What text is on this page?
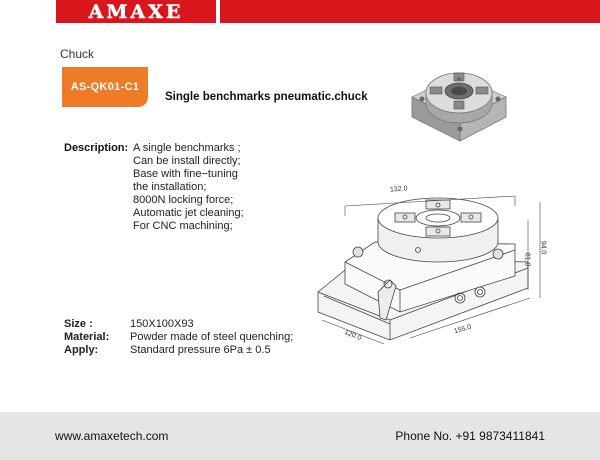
AMAXE
Chuck
AS-QK01-C1
Single benchmarks pneumatic.chuck
Description: A single benchmarks ;
Can be install directly;
Base with fine−tuning
the installation;
8000N locking force;
Automatic jet cleaning;
For CNC machining;
132.0
94.0
81.0
155.0
120.0
Size :	150X100X93
Material: Powder made of steel quenching;
Apply:	Standard pressure 6Pa ± 0.5
www.amaxetech.com	Phone No. +91 9873411841
